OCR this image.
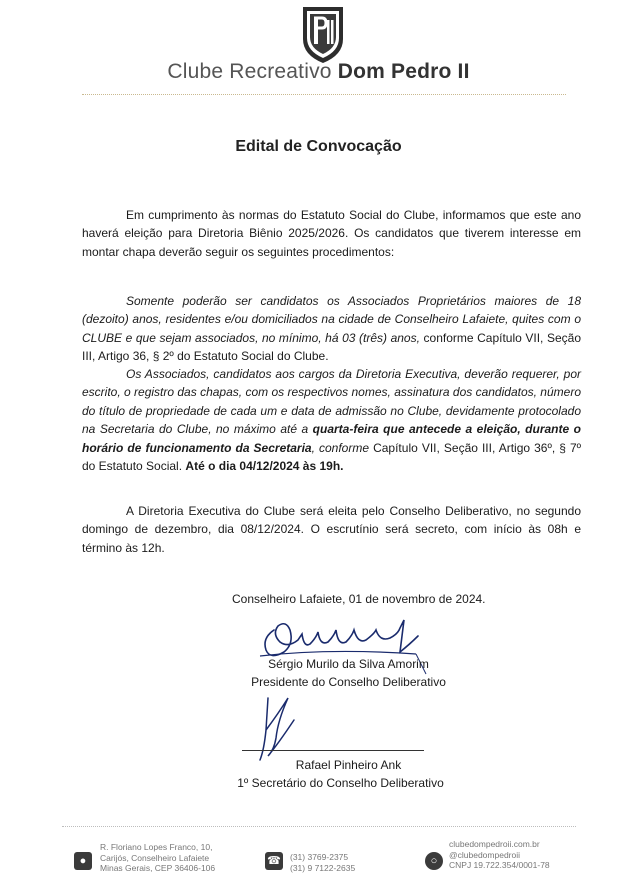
Clube Recreativo Dom Pedro II
Edital de Convocação

Em cumprimento às normas do Estatuto Social do Clube, informamos que este ano haverá eleição para Diretoria Biênio 2025/2026. Os candidatos que tiverem interesse em montar chapa deverão seguir os seguintes procedimentos:

Somente poderão ser candidatos os Associados Proprietários maiores de 18 (dezoito) anos, residentes e/ou domiciliados na cidade de Conselheiro Lafaiete, quites com o CLUBE e que sejam associados, no mínimo, há 03 (três) anos, conforme Capítulo VII, Seção III, Artigo 36, § 2º do Estatuto Social do Clube.

Os Associados, candidatos aos cargos da Diretoria Executiva, deverão requerer, por escrito, o registro das chapas, com os respectivos nomes, assinatura dos candidatos, número do título de propriedade de cada um e data de admissão no Clube, devidamente protocolado na Secretaria do Clube, no máximo até a quarta-feira que antecede a eleição, durante o horário de funcionamento da Secretaria, conforme Capítulo VII, Seção III, Artigo 36º, § 7º do Estatuto Social. Até o dia 04/12/2024 às 19h.

A Diretoria Executiva do Clube será eleita pelo Conselho Deliberativo, no segundo domingo de dezembro, dia 08/12/2024. O escrutínio será secreto, com início às 08h e término às 12h.

Conselheiro Lafaiete, 01 de novembro de 2024.
Sérgio Murilo da Silva Amorim
Presidente do Conselho Deliberativo
Rafael Pinheiro Ank
1º Secretário do Conselho Deliberativo
●

R. Floriano Lopes Franco, 10,
Carijós, Conselheiro Lafaiete
Minas Gerais, CEP 36406-106

☎ (31) 3769-2375
(31) 9 7122-2635

○

clubedompedroii.com.br
@clubedompedroii
CNPJ 19.722.354/0001-78
